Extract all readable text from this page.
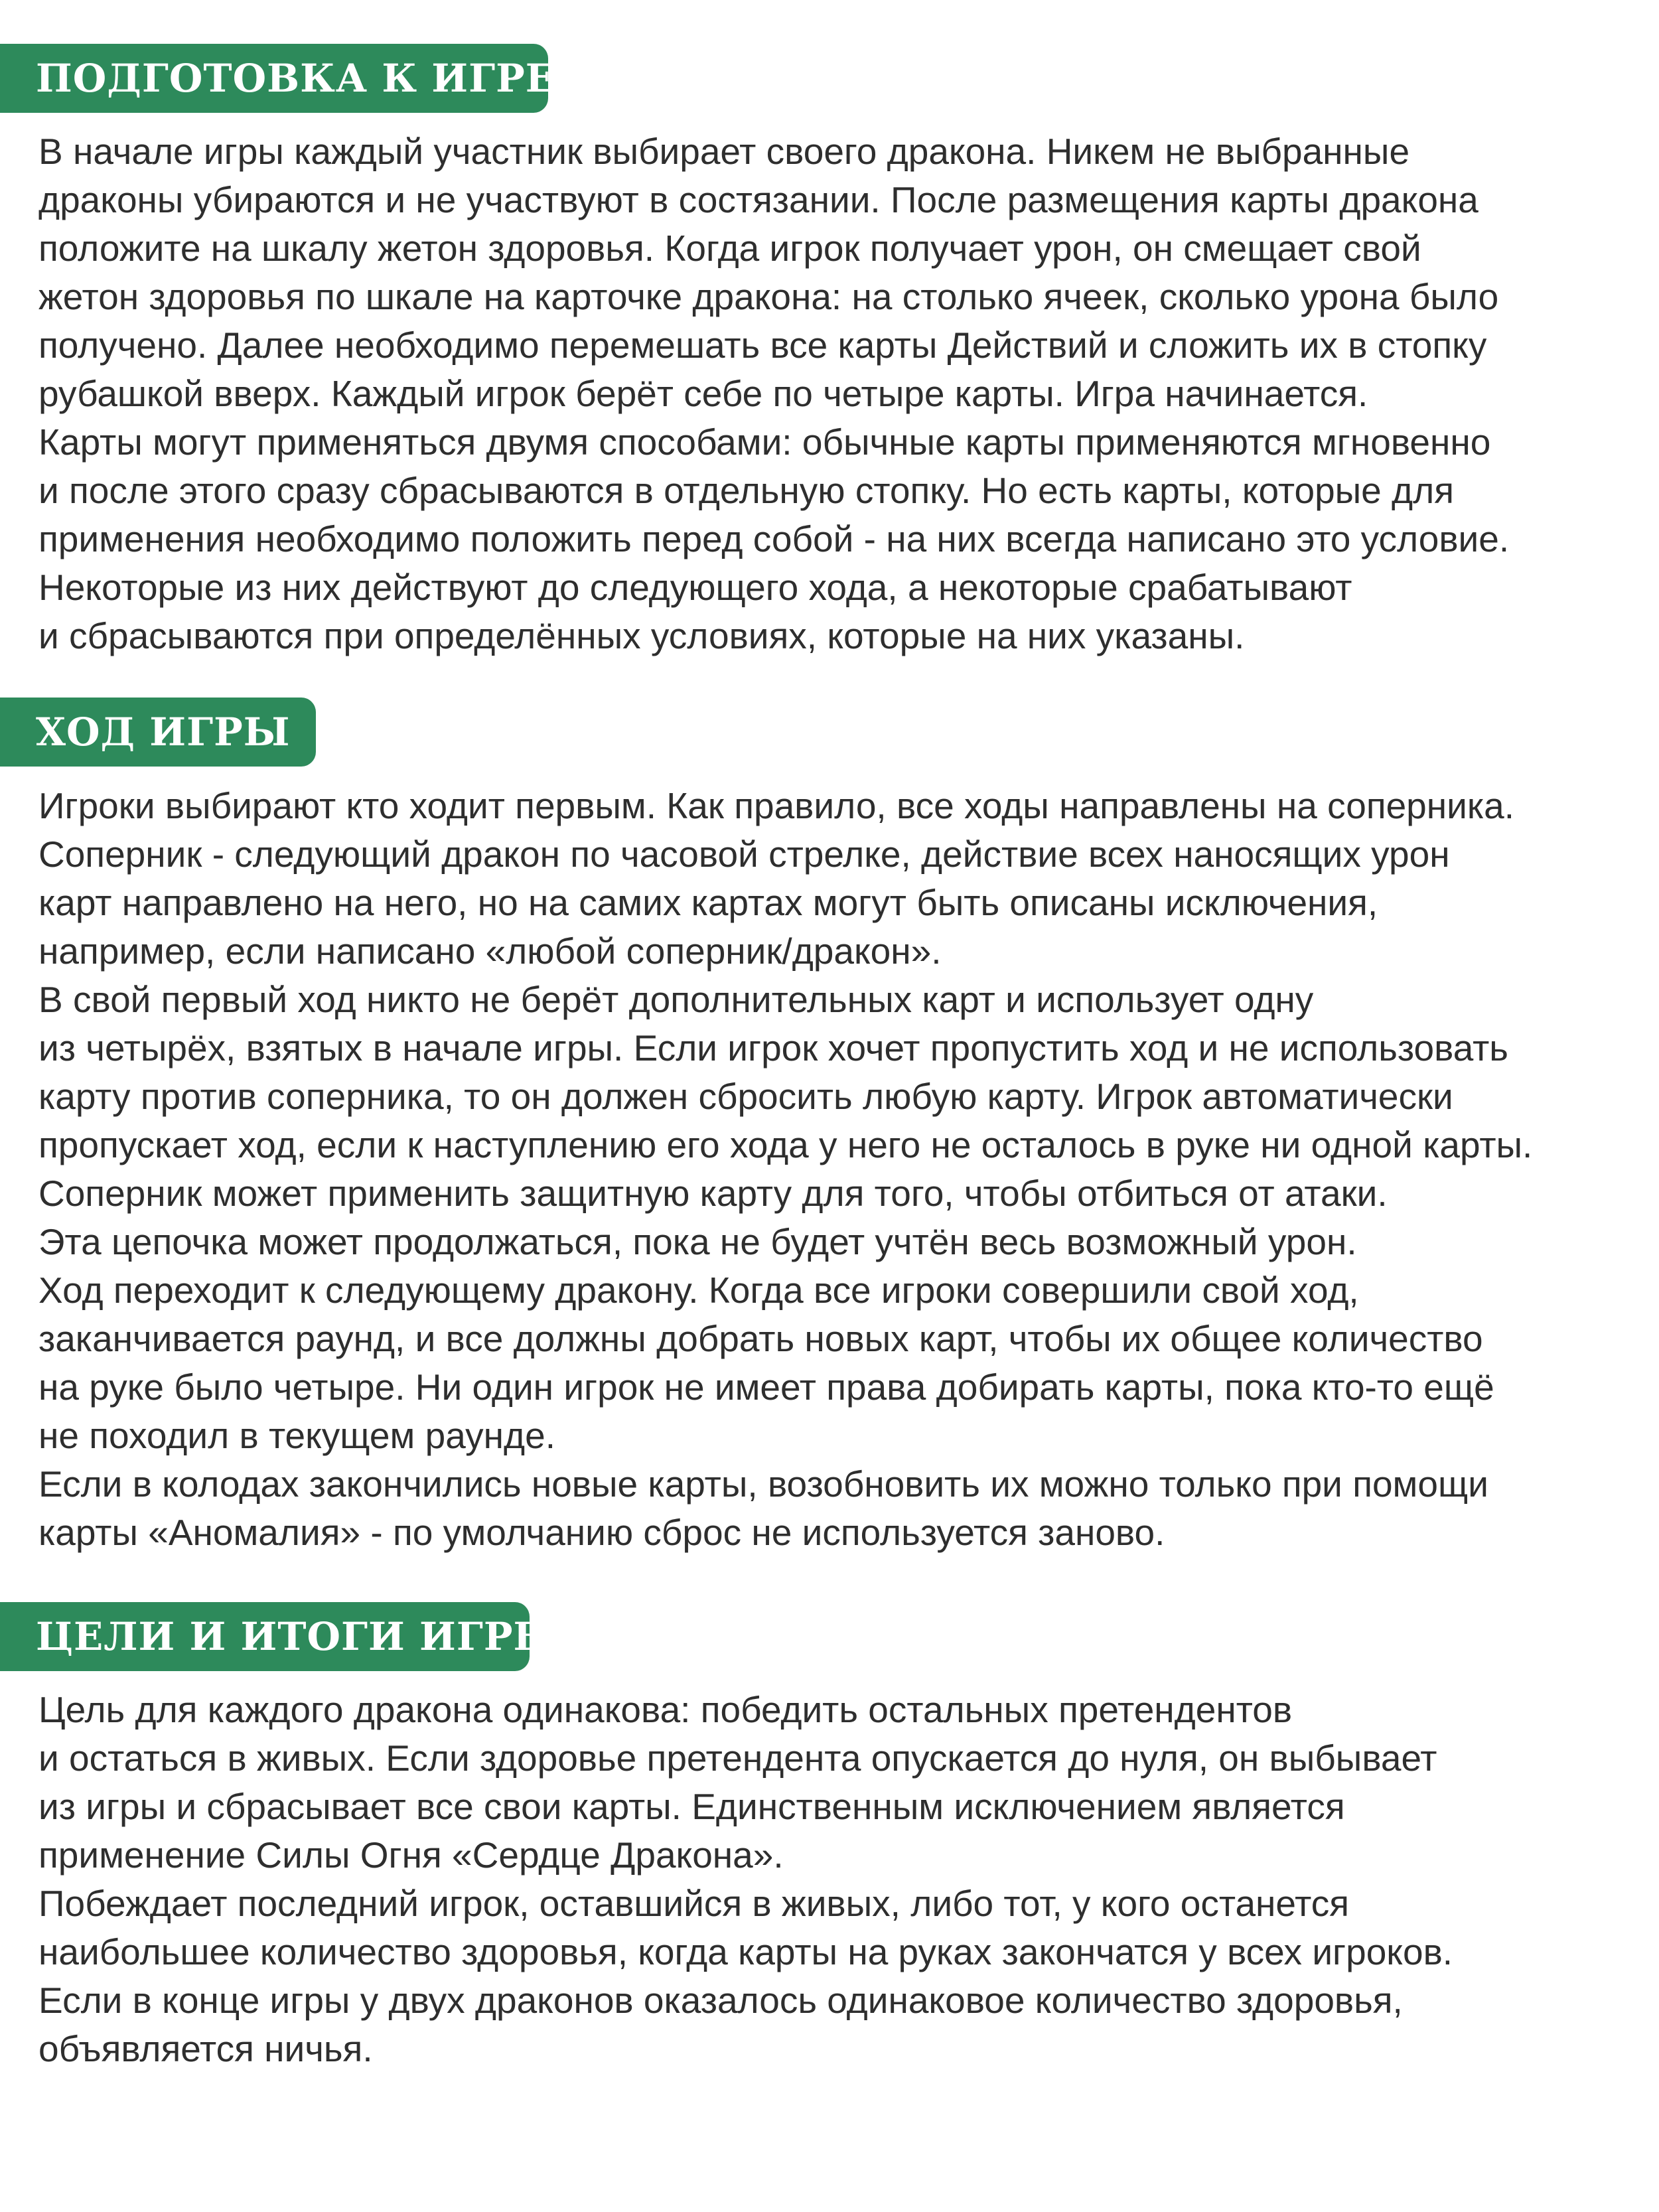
ПОДГОТОВКА К ИГРЕ

В начале игры каждый участник выбирает своего дракона. Никем не выбранные

драконы убираются и не участвуют в состязании. После размещения карты дракона

положите на шкалу жетон здоровья. Когда игрок получает урон, он смещает свой

жетон здоровья по шкале на карточке дракона: на столько ячеек, сколько урона было

получено. Далее необходимо перемешать все карты Действий и сложить их в стопку

рубашкой вверх. Каждый игрок берёт себе по четыре карты. Игра начинается.

Карты могут применяться двумя способами: обычные карты применяются мгновенно

и после этого сразу сбрасываются в отдельную стопку. Но есть карты, которые для

применения необходимо положить перед собой - на них всегда написано это условие.

Некоторые из них действуют до следующего хода, а некоторые срабатывают

и сбрасываются при определённых условиях, которые на них указаны.

ХОД ИГРЫ

Игроки выбирают кто ходит первым. Как правило, все ходы направлены на соперника.

Соперник - следующий дракон по часовой стрелке, действие всех наносящих урон

карт направлено на него, но на самих картах могут быть описаны исключения,

например, если написано «любой соперник/дракон».

В свой первый ход никто не берёт дополнительных карт и использует одну

из четырёх, взятых в начале игры. Если игрок хочет пропустить ход и не использовать

карту против соперника, то он должен сбросить любую карту. Игрок автоматически

пропускает ход, если к наступлению его хода у него не осталось в руке ни одной карты.

Соперник может применить защитную карту для того, чтобы отбиться от атаки.

Эта цепочка может продолжаться, пока не будет учтён весь возможный урон.

Ход переходит к следующему дракону. Когда все игроки совершили свой ход,

заканчивается раунд, и все должны добрать новых карт, чтобы их общее количество

на руке было четыре. Ни один игрок не имеет права добирать карты, пока кто-то ещё

не походил в текущем раунде.

Если в колодах закончились новые карты, возобновить их можно только при помощи

карты «Аномалия» - по умолчанию сброс не используется заново.

ЦЕЛИ И ИТОГИ ИГРЫ

Цель для каждого дракона одинакова: победить остальных претендентов

и остаться в живых. Если здоровье претендента опускается до нуля, он выбывает

из игры и сбрасывает все свои карты. Единственным исключением является

применение Силы Огня «Сердце Дракона».

Побеждает последний игрок, оставшийся в живых, либо тот, у кого останется

наибольшее количество здоровья, когда карты на руках закончатся у всех игроков.

Если в конце игры у двух драконов оказалось одинаковое количество здоровья,

объявляется ничья.
